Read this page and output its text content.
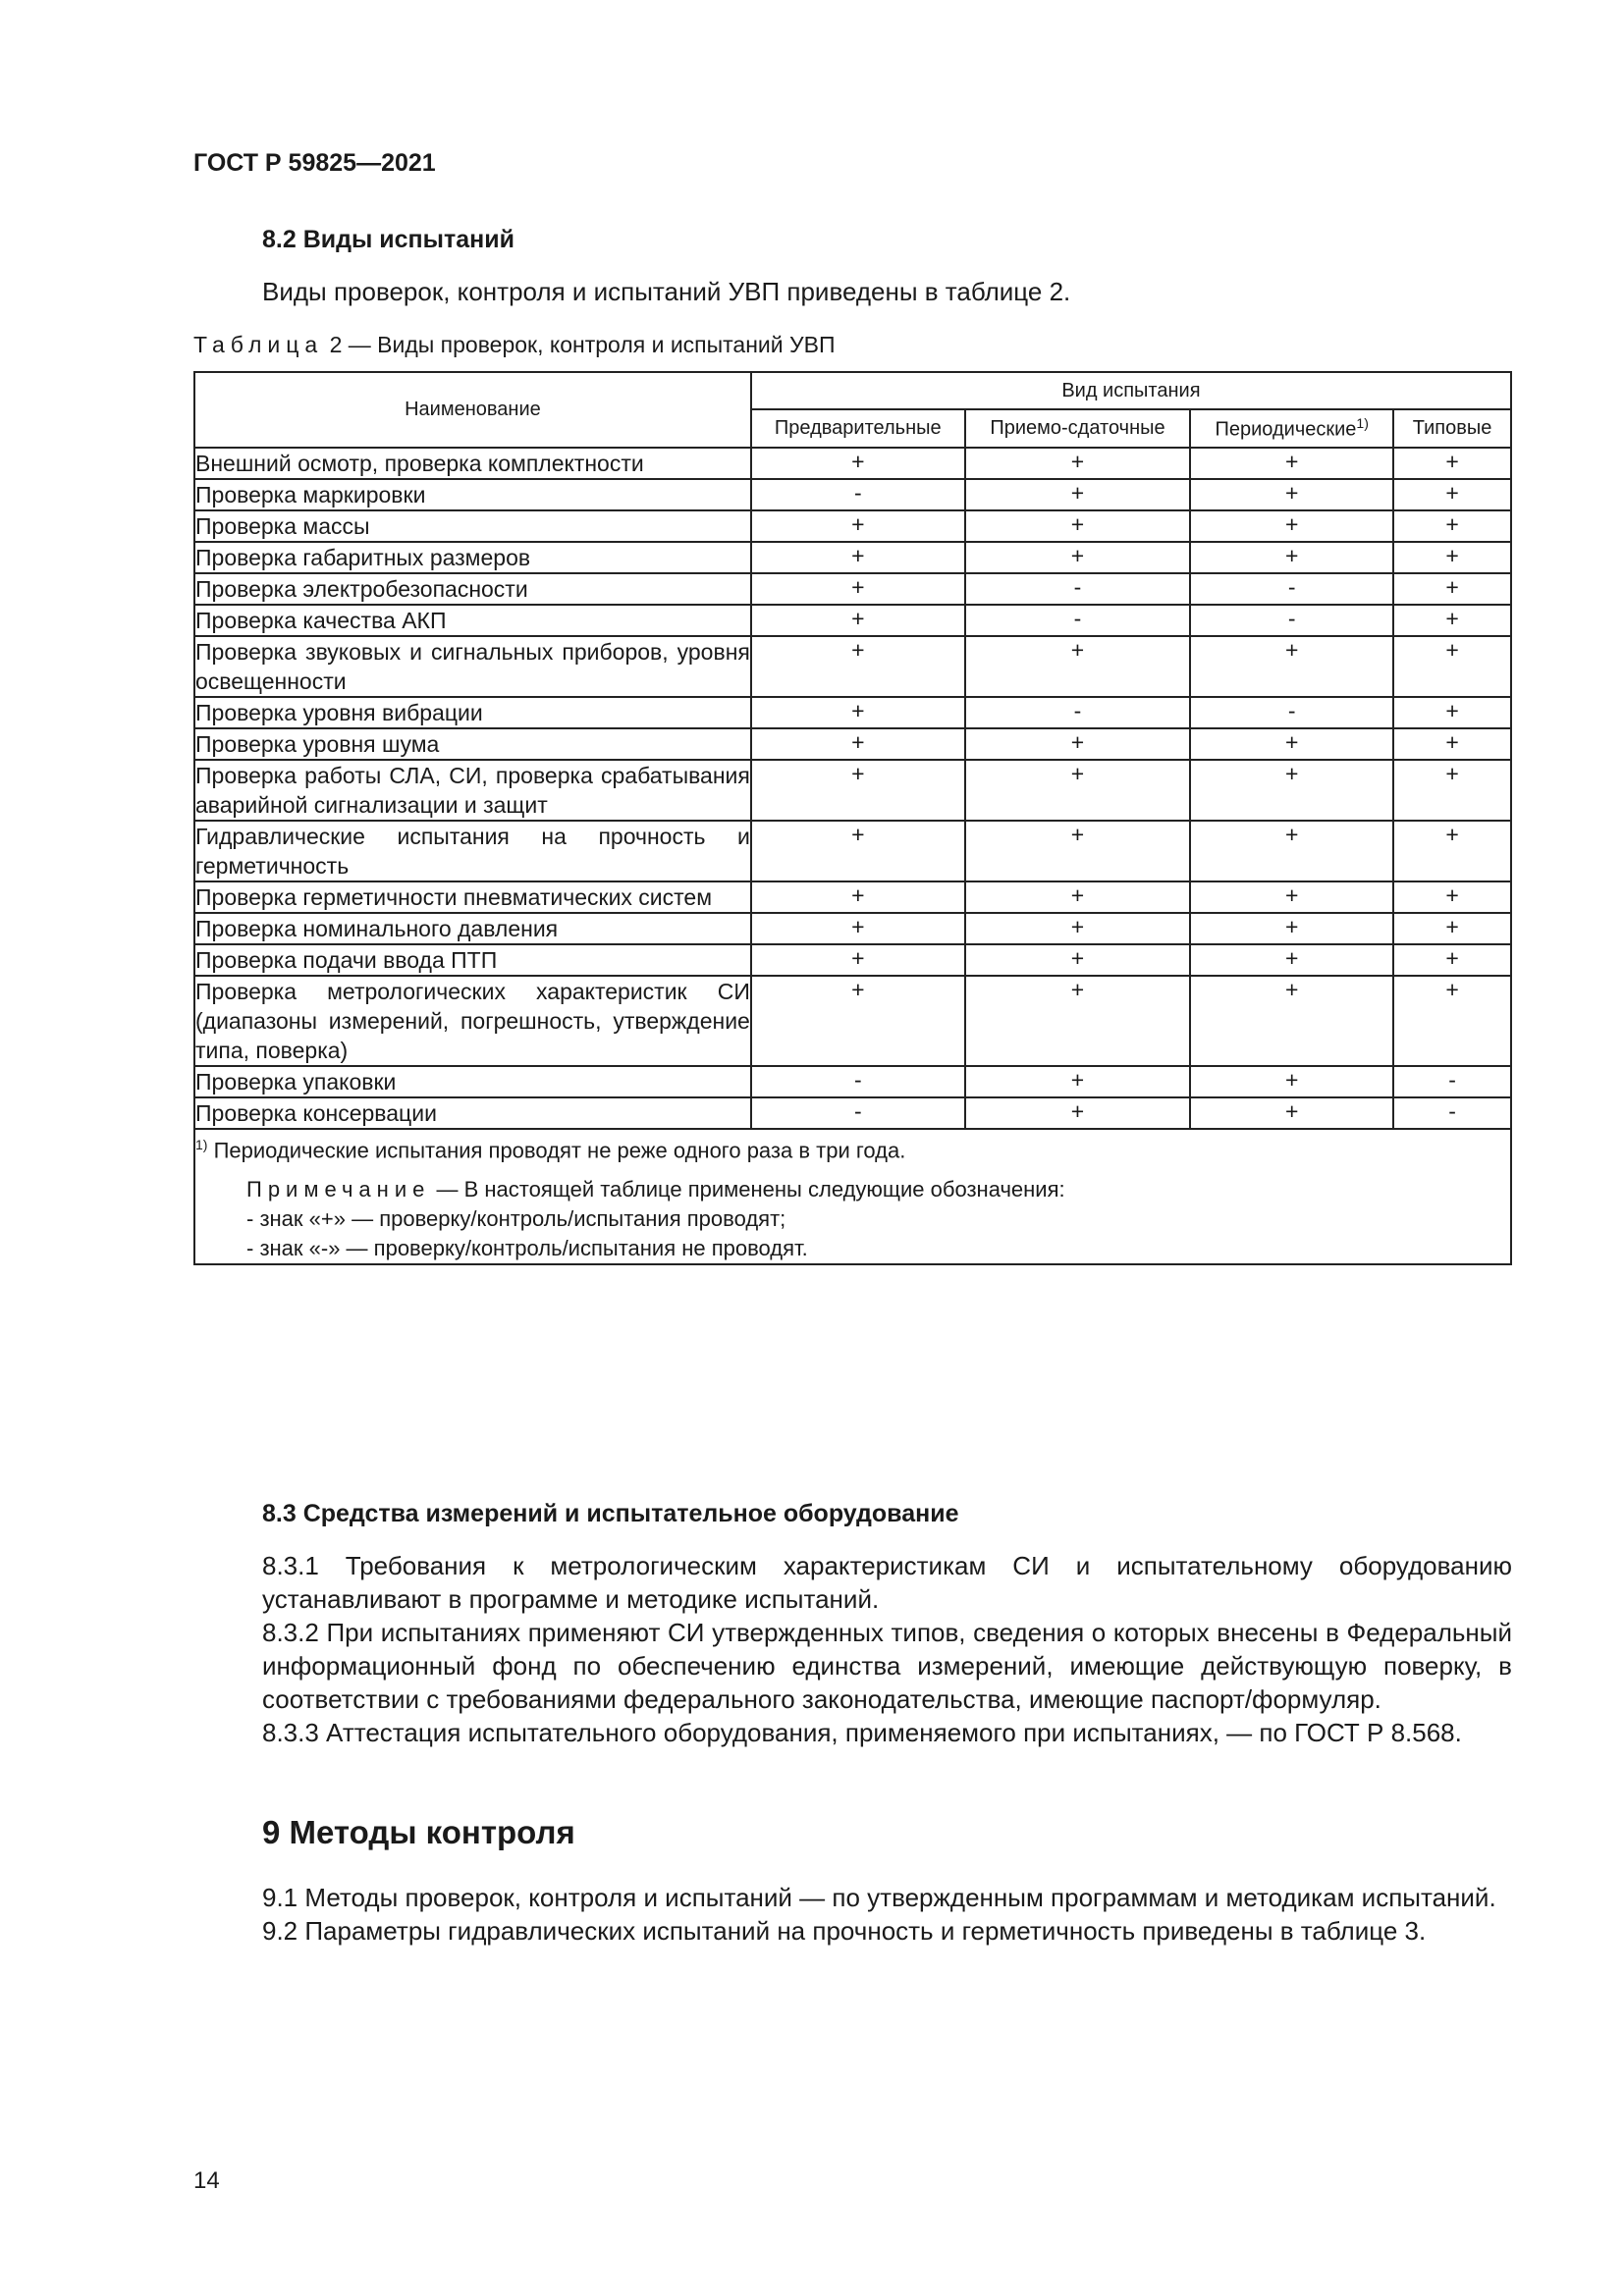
ГОСТ Р 59825—2021
8.2 Виды испытаний
Виды проверок, контроля и испытаний УВП приведены в таблице 2.
Таблица 2 — Виды проверок, контроля и испытаний УВП
Наименование	Вид испытания			
	Предварительные	Приемо-сдаточные	Периодические$^{1)}$	Типовые
Внешний осмотр, проверка комплектности	+	+	+	+
Проверка маркировки	-	+	+	+
Проверка массы	+	+	+	+
Проверка габаритных размеров	+	+	+	+
Проверка электробезопасности	+	-	-	+
Проверка качества АКП	+	-	-	+
Проверка звуковых и сигнальных приборов, уровня освещенности	+	+	+	+
Проверка уровня вибрации	+	-	-	+
Проверка уровня шума	+	+	+	+
Проверка работы СЛА, СИ, проверка срабатывания аварийной сигнализации и защит	+	+	+	+
Гидравлические испытания на прочность и герметичность	+	+	+	+
Проверка герметичности пневматических систем	+	+	+	+
Проверка номинального давления	+	+	+	+
Проверка подачи ввода ПТП	+	+	+	+
Проверка метрологических характеристик СИ (диапазоны измерений, погрешность, утверждение типа, поверка)	+	+	+	+
Проверка упаковки	-	+	+	-
Проверка консервации	-	+	+	-

$^{1)}$ Периодические испытания проводят не реже одного раза в три года.
Примечание — В настоящей таблице применены следующие обозначения:
- знак «+» — проверку/контроль/испытания проводят;
- знак «-» — проверку/контроль/испытания не проводят.				
8.3 Средства измерений и испытательное оборудование
8.3.1 Требования к метрологическим характеристикам СИ и испытательному оборудованию устанавливают в программе и методике испытаний.
8.3.2 При испытаниях применяют СИ утвержденных типов, сведения о которых внесены в Федеральный информационный фонд по обеспечению единства измерений, имеющие действующую поверку, в соответствии с требованиями федерального законодательства, имеющие паспорт/формуляр.
8.3.3 Аттестация испытательного оборудования, применяемого при испытаниях, — по ГОСТ Р 8.568.
9 Методы контроля
9.1 Методы проверок, контроля и испытаний — по утвержденным программам и методикам испытаний.
9.2 Параметры гидравлических испытаний на прочность и герметичность приведены в таблице 3.
14
